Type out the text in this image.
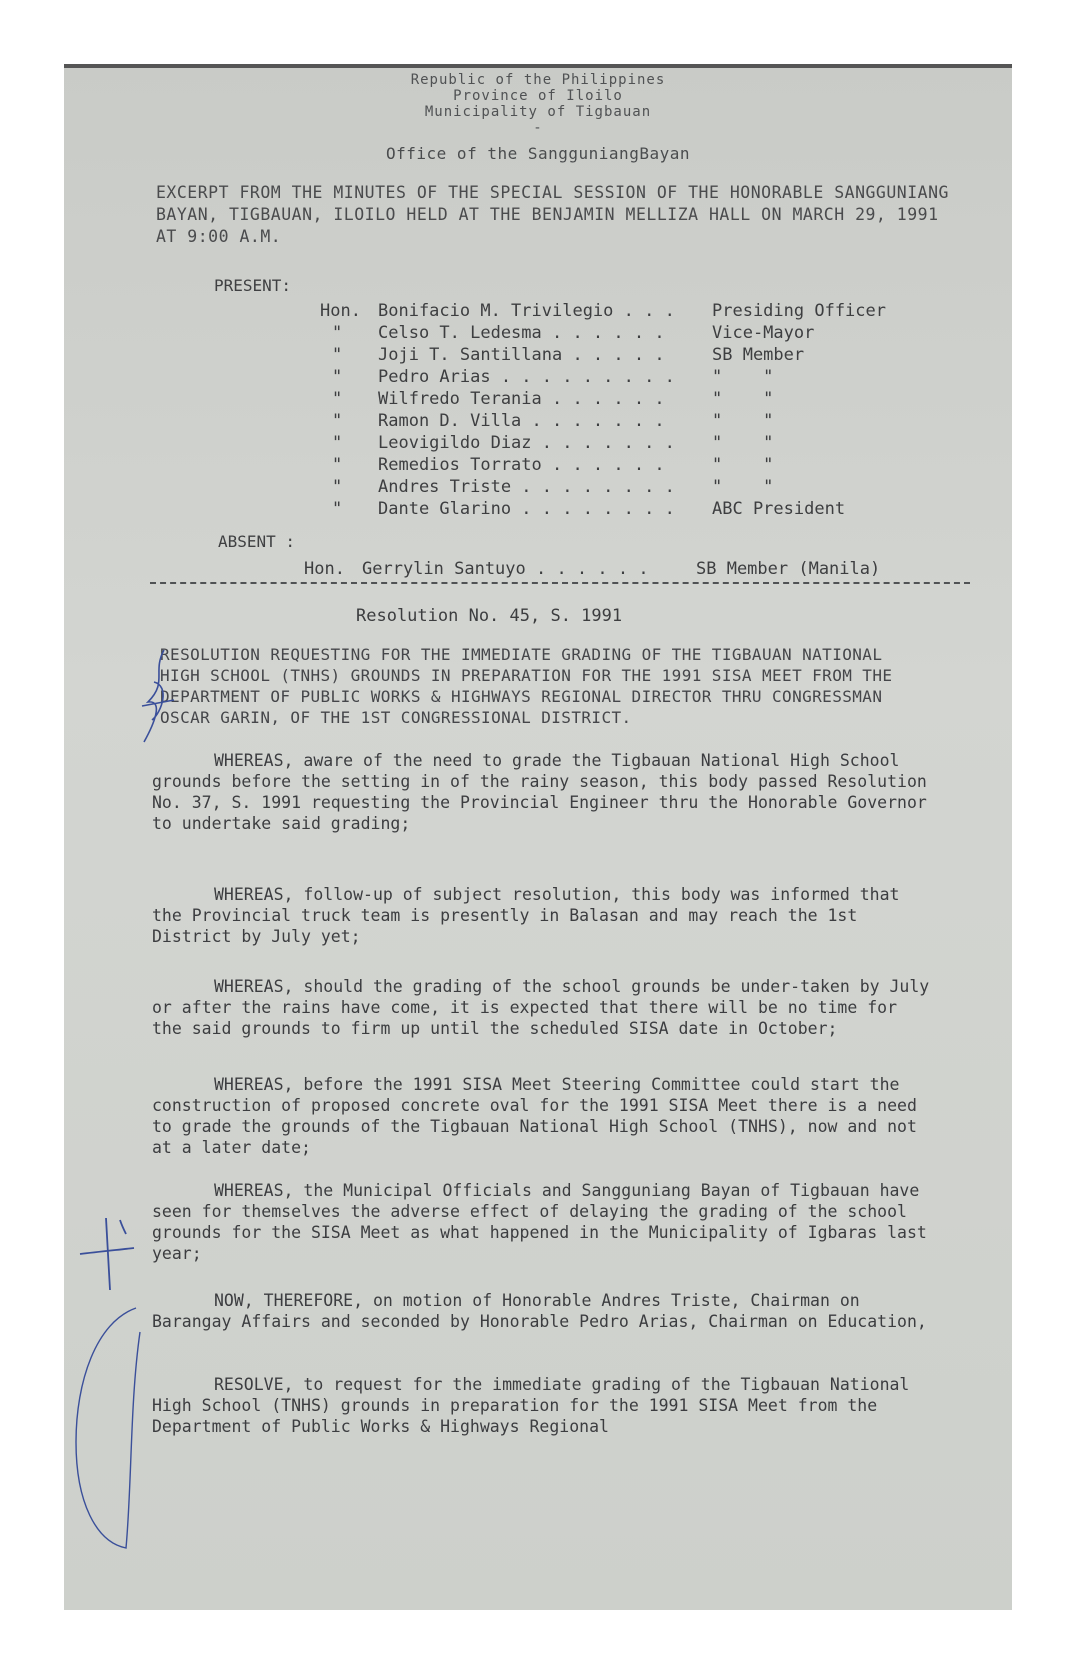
Republic of the Philippines
Province of Iloilo
Municipality of Tigbauan
-
Office of the SangguniangBayan
EXCERPT FROM THE MINUTES OF THE SPECIAL SESSION OF THE HONORABLE SANGGUNIANG BAYAN, TIGBAUAN, ILOILO HELD AT THE BENJAMIN MELLIZA HALL ON MARCH 29, 1991 AT 9:00 A.M.
PRESENT:
Hon. Bonifacio M. Trivilegio . . . Presiding Officer
" Celso T. Ledesma . . . . . .	Vice-Mayor
" Joji T. Santillana . . . . .	SB Member
" Pedro Arias . . . . . . . . . "    "
" Wilfredo Terania . . . . . .	"    "
" Ramon D. Villa . . . . . . .	"    "
" Leovigildo Diaz . . . . . . . "    "
" Remedios Torrato . . . . . .	"    "
" Andres Triste . . . . . . . . "    "
" Dante Glarino . . . . . . . . ABC President
ABSENT :
Hon. Gerrylin Santuyo . . . . . .	SB Member (Manila)
Resolution No. 45, S. 1991
RESOLUTION REQUESTING FOR THE IMMEDIATE GRADING OF THE TIGBAUAN NATIONAL HIGH SCHOOL (TNHS) GROUNDS IN PREPARATION FOR THE 1991 SISA MEET FROM THE DEPARTMENT OF PUBLIC WORKS & HIGHWAYS REGIONAL DIRECTOR THRU CONGRESSMAN OSCAR GARIN, OF THE 1ST CONGRESSIONAL DISTRICT.
WHEREAS, aware of the need to grade the Tigbauan National High School grounds before the setting in of the rainy season, this body passed Resolution No. 37, S. 1991 requesting the Provincial Engineer thru the Honorable Governor to undertake said grading;
WHEREAS, follow-up of subject resolution, this body was informed that the Provincial truck team is presently in Balasan and may reach the 1st District by July yet;
WHEREAS, should the grading of the school grounds be under-taken by July or after the rains have come, it is expected that there will be no time for the said grounds to firm up until the scheduled SISA date in October;
WHEREAS, before the 1991 SISA Meet Steering Committee could start the construction of proposed concrete oval for the 1991 SISA Meet there is a need to grade the grounds of the Tigbauan National High School (TNHS), now and not at a later date;
WHEREAS, the Municipal Officials and Sangguniang Bayan of Tigbauan have seen for themselves the adverse effect of delaying the grading of the school grounds for the SISA Meet as what happened in the Municipality of Igbaras last year;
NOW, THEREFORE, on motion of Honorable Andres Triste, Chairman on Barangay Affairs and seconded by Honorable Pedro Arias, Chairman on Education,
RESOLVE, to request for the immediate grading of the Tigbauan National High School (TNHS) grounds in preparation for the 1991 SISA Meet from the Department of Public Works & Highways Regional
